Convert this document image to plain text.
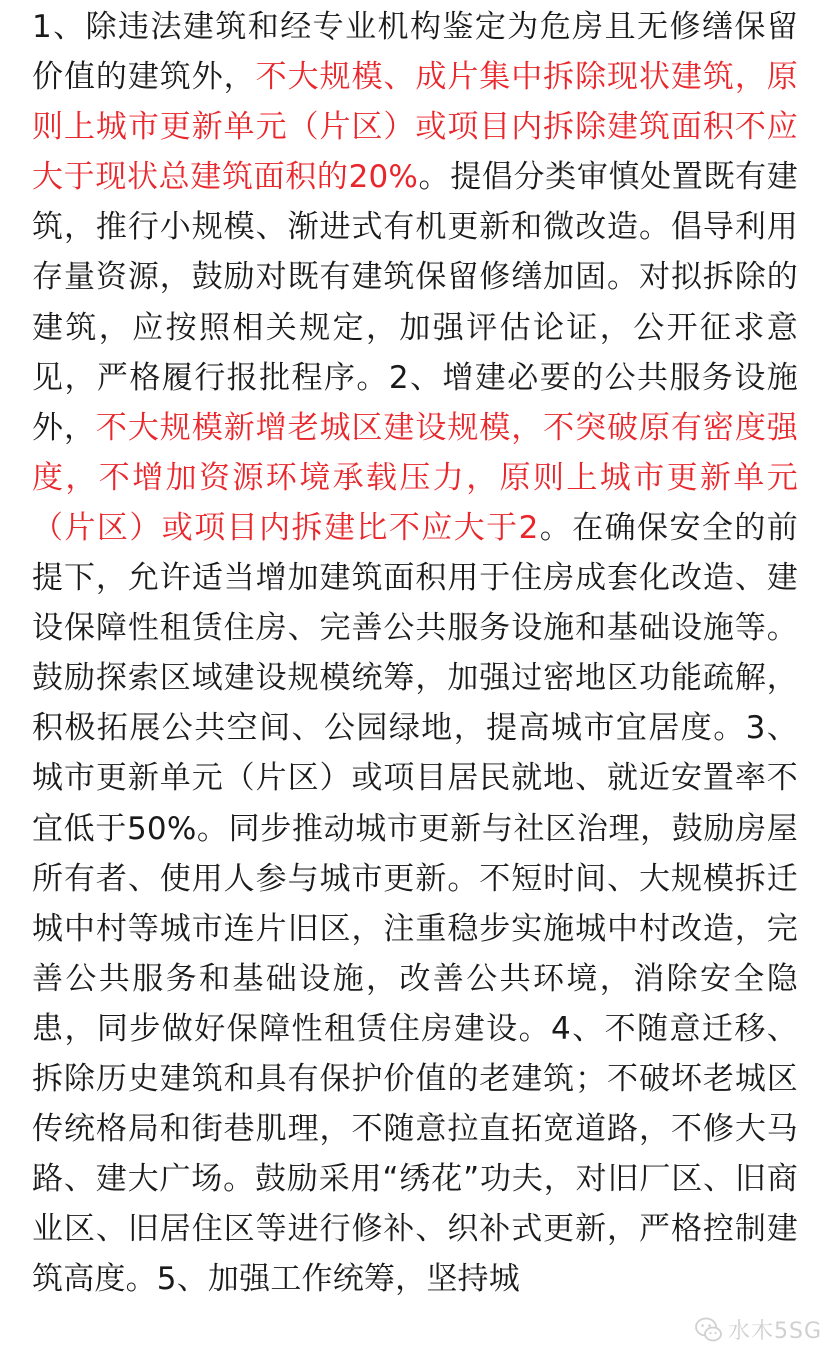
1、除违法建筑和经专业机构鉴定为危房且无修缮保留价值的建筑外，不大规模、成片集中拆除现状建筑，原则上城市更新单元（片区）或项目内拆除建筑面积不应大于现状总建筑面积的20%。提倡分类审慎处置既有建筑，推行小规模、渐进式有机更新和微改造。倡导利用存量资源，鼓励对既有建筑保留修缮加固。对拟拆除的建筑，应按照相关规定，加强评估论证，公开征求意见，严格履行报批程序。2、增建必要的公共服务设施外，不大规模新增老城区建设规模，不突破原有密度强度，不增加资源环境承载压力，原则上城市更新单元（片区）或项目内拆建比不应大于2。在确保安全的前提下，允许适当增加建筑面积用于住房成套化改造、建设保障性租赁住房、完善公共服务设施和基础设施等。鼓励探索区域建设规模统筹，加强过密地区功能疏解，积极拓展公共空间、公园绿地，提高城市宜居度。3、城市更新单元（片区）或项目居民就地、就近安置率不宜低于50%。同步推动城市更新与社区治理，鼓励房屋所有者、使用人参与城市更新。不短时间、大规模拆迁城中村等城市连片旧区，注重稳步实施城中村改造，完善公共服务和基础设施，改善公共环境，消除安全隐患，同步做好保障性租赁住房建设。4、不随意迁移、拆除历史建筑和具有保护价值的老建筑；不破坏老城区传统格局和街巷肌理，不随意拉直拓宽道路，不修大马路、建大广场。鼓励采用“绣花”功夫，对旧厂区、旧商业区、旧居住区等进行修补、织补式更新，严格控制建筑高度。5、加强工作统筹，坚持城

水木5SG
